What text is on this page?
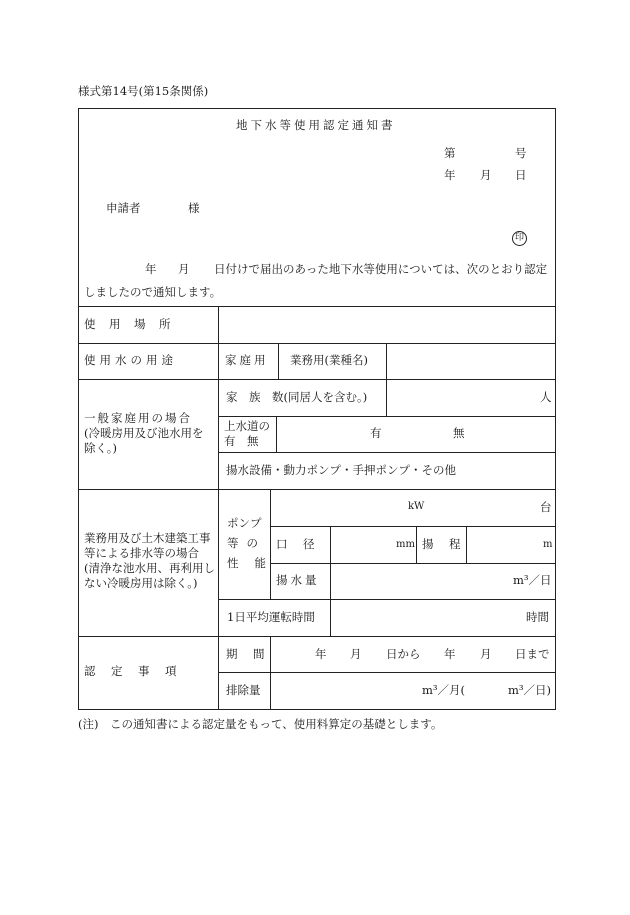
様式第14号(第15条関係)
地下水等使用認定通知書
第	号
年 月 日
申請者	様
印
年 月 日付けで届出のあった地下水等使用については、次のとおり認定
しましたので通知します。
使　用　場　所
使用水の用途	家庭用 業務用(業種名)
一般家庭用の場合
(冷暖房用及び池水用を
除く。)
家　族　数(同居人を含む。)	人
上水道の
有　無
有	無
揚水設備・動力ポンプ・手押ポンプ・その他
業務用及び土木建築工事
等による排水等の場合
(清浄な池水用、再利用し
ない冷暖房用は除く。)
ポンプ
等の
性能
kW	台
口　径	mm 揚　程	m
揚水量	m³／日
1日平均運転時間	時間
認　定　事　項
期　間	年 月 日から 年 月 日まで
排除量	m³／月(	m³／日)
(注)　この通知書による認定量をもって、使用料算定の基礎とします。
